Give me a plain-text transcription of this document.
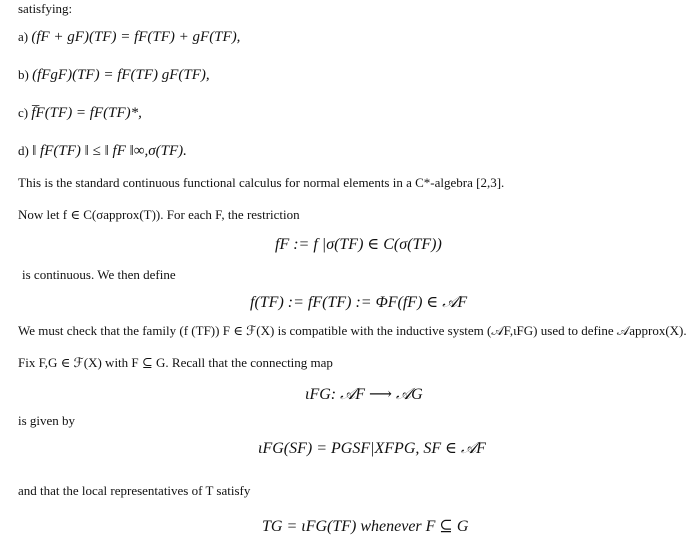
satisfying:
a) (fF + gF)(TF) = fF(TF) + gF(TF),
b) (fFgF)(TF) = fF(TF) gF(TF),
c) f̅F(TF) = fF(TF)*,
d) ‖ fF(TF) ‖ ≤ ‖ fF ‖∞,σ(TF).
This is the standard continuous functional calculus for normal elements in a C*-algebra [2,3].
Now let f ∈ C(σapprox(T)). For each F, the restriction
fF := f |σ(TF) ∈ C(σ(TF))
is continuous. We then define
f(TF) := fF(TF) := ΦF(fF) ∈ 𝒜F
We must check that the family (f (TF)) F ∈ ℱ(X) is compatible with the inductive system (𝒜F,ιFG) used to define 𝒜approx(X).
Fix F,G ∈ ℱ(X) with F ⊆ G. Recall that the connecting map
ιFG: 𝒜F ⟶ 𝒜G
is given by
ιFG(SF) = PGSF|XFPG, SF ∈ 𝒜F
and that the local representatives of T satisfy
TG = ιFG(TF) whenever F ⊆ G
